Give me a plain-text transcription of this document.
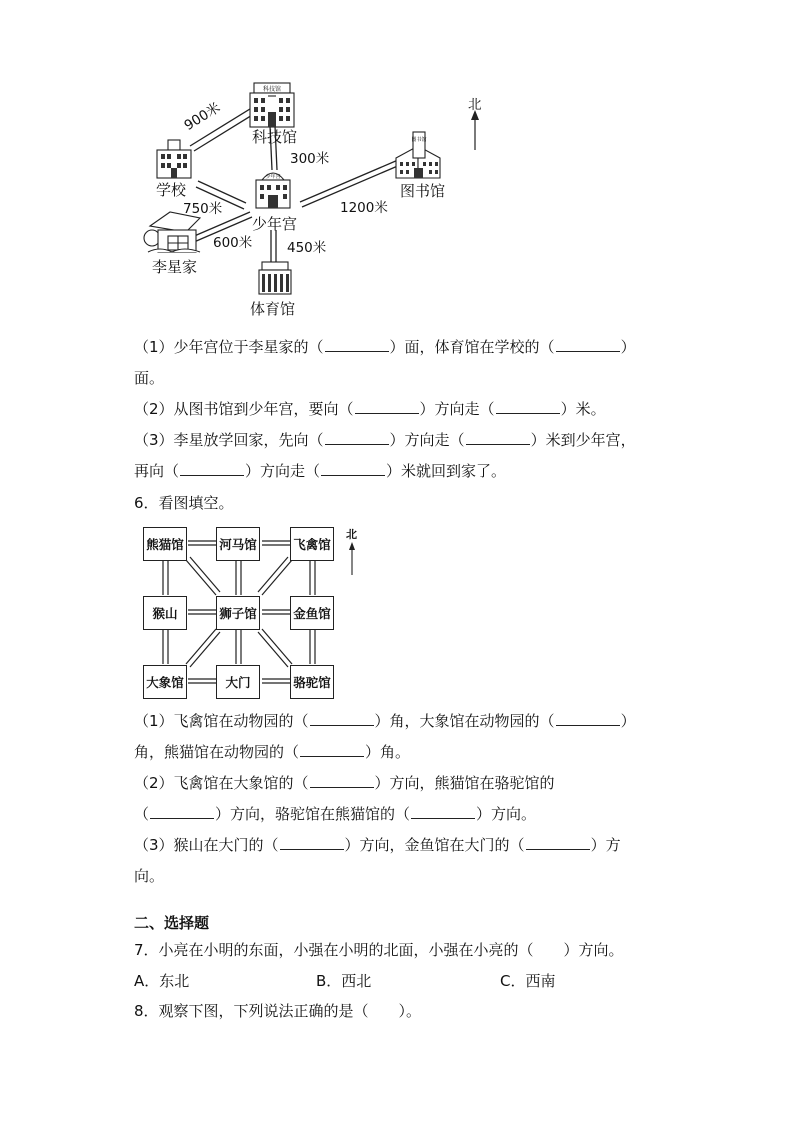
科技馆
图书馆
少年宫
科技馆
学校	图书馆
少年宫
李星家
体育馆
900米
300米
750米	1200米
600米	450米
北
（1）少年宫位于李星家的（	）面，体育馆在学校的（	）
面。
（2）从图书馆到少年宫，要向（	）方向走（	）米。
（3）李星放学回家，先向（	）方向走（	）米到少年宫，
再向（	）方向走（	）米就回到家了。
6．看图填空。
熊猫馆	河马馆	飞禽馆
猴山	狮子馆	金鱼馆
大象馆	大门	骆驼馆
北
（1）飞禽馆在动物园的（	）角，大象馆在动物园的（	）
角，熊猫馆在动物园的（	）角。
（2）飞禽馆在大象馆的（	）方向，熊猫馆在骆驼馆的
（	）方向，骆驼馆在熊猫馆的（	）方向。
（3）猴山在大门的（	）方向，金鱼馆在大门的（	）方
向。
二、选择题
7．小亮在小明的东面，小强在小明的北面，小强在小亮的（　　）方向。
A．东北	B．西北	C．西南
8．观察下图，下列说法正确的是（　　）。
